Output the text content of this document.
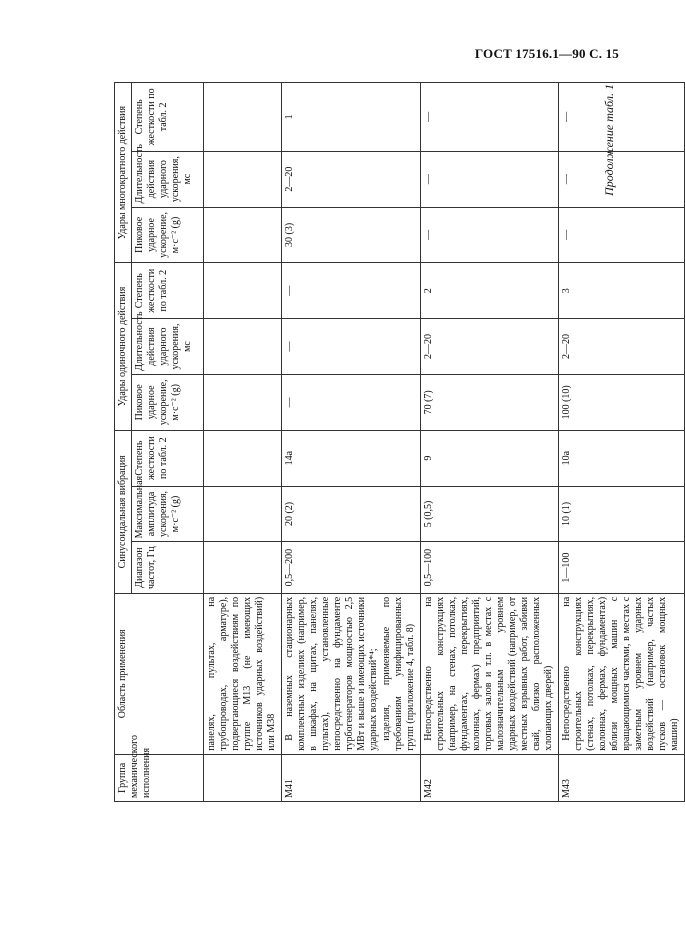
ГОСТ 17516.1—90 С. 15
Продолжение табл. 1
Группа механического исполнения	Область применения	Синусоидальная вибрация			Удары одиночного действия			Удары многократного действия		
		Диапазон частот, Гц	Максимальная амплитуда ускорения, м·с⁻² (g)	Степень жесткости по табл. 2	Пиковое ударное ускорение, м·с⁻² (g)	Длительность действия ударного ускорения, мс	Степень жесткости по табл. 2	Пиковое ударное ускорение, м·с⁻² (g)	Длительность действия ударного ускорения, мс	Степень жесткости по табл. 2

	панелях, пультах, на трубопроводах, арматуре), подвергающиеся воздействиям по группе М13 (не имеющих источников ударных воздействий) или М38									

М41	В наземных стационарных комплектных изделиях (например, в шкафах, на щитах, панелях, пультах), установленные непосредственно на фундаменте турбогенераторов мощностью 2,5 МВт и выше и имеющих источники ударных воздействий*⁴; изделия, применяемые по требованиям унифицированных групп (приложение 4, табл. 8)	0,5—200	20 (2)	14а	—	—	—	30 (3)	2—20	1
М42	Непосредственно на строительных конструкциях (например, на стенах, потолках, фундаментах, перекрытиях, колоннах, фермах) предприятий, торговых залов и т.п. в местах с малозначительным уровнем ударных воздействий (например, от местных взрывных работ, забивки свай, близко расположенных хлопающих дверей)	0,5—100	5 (0,5)	9	70 (7)	2—20	2	—	—	—
М43	Непосредственно на строительных конструкциях (стенах, потолках, перекрытиях, колоннах, фермах, фундаментах) вблизи мощных машин с вращающимися частями, в местах с заметным уровнем ударных воздействий (например, частых пусков — остановок мощных машин)	1—100	10 (1)	10а	100 (10)	2—20	3	—	—	—
